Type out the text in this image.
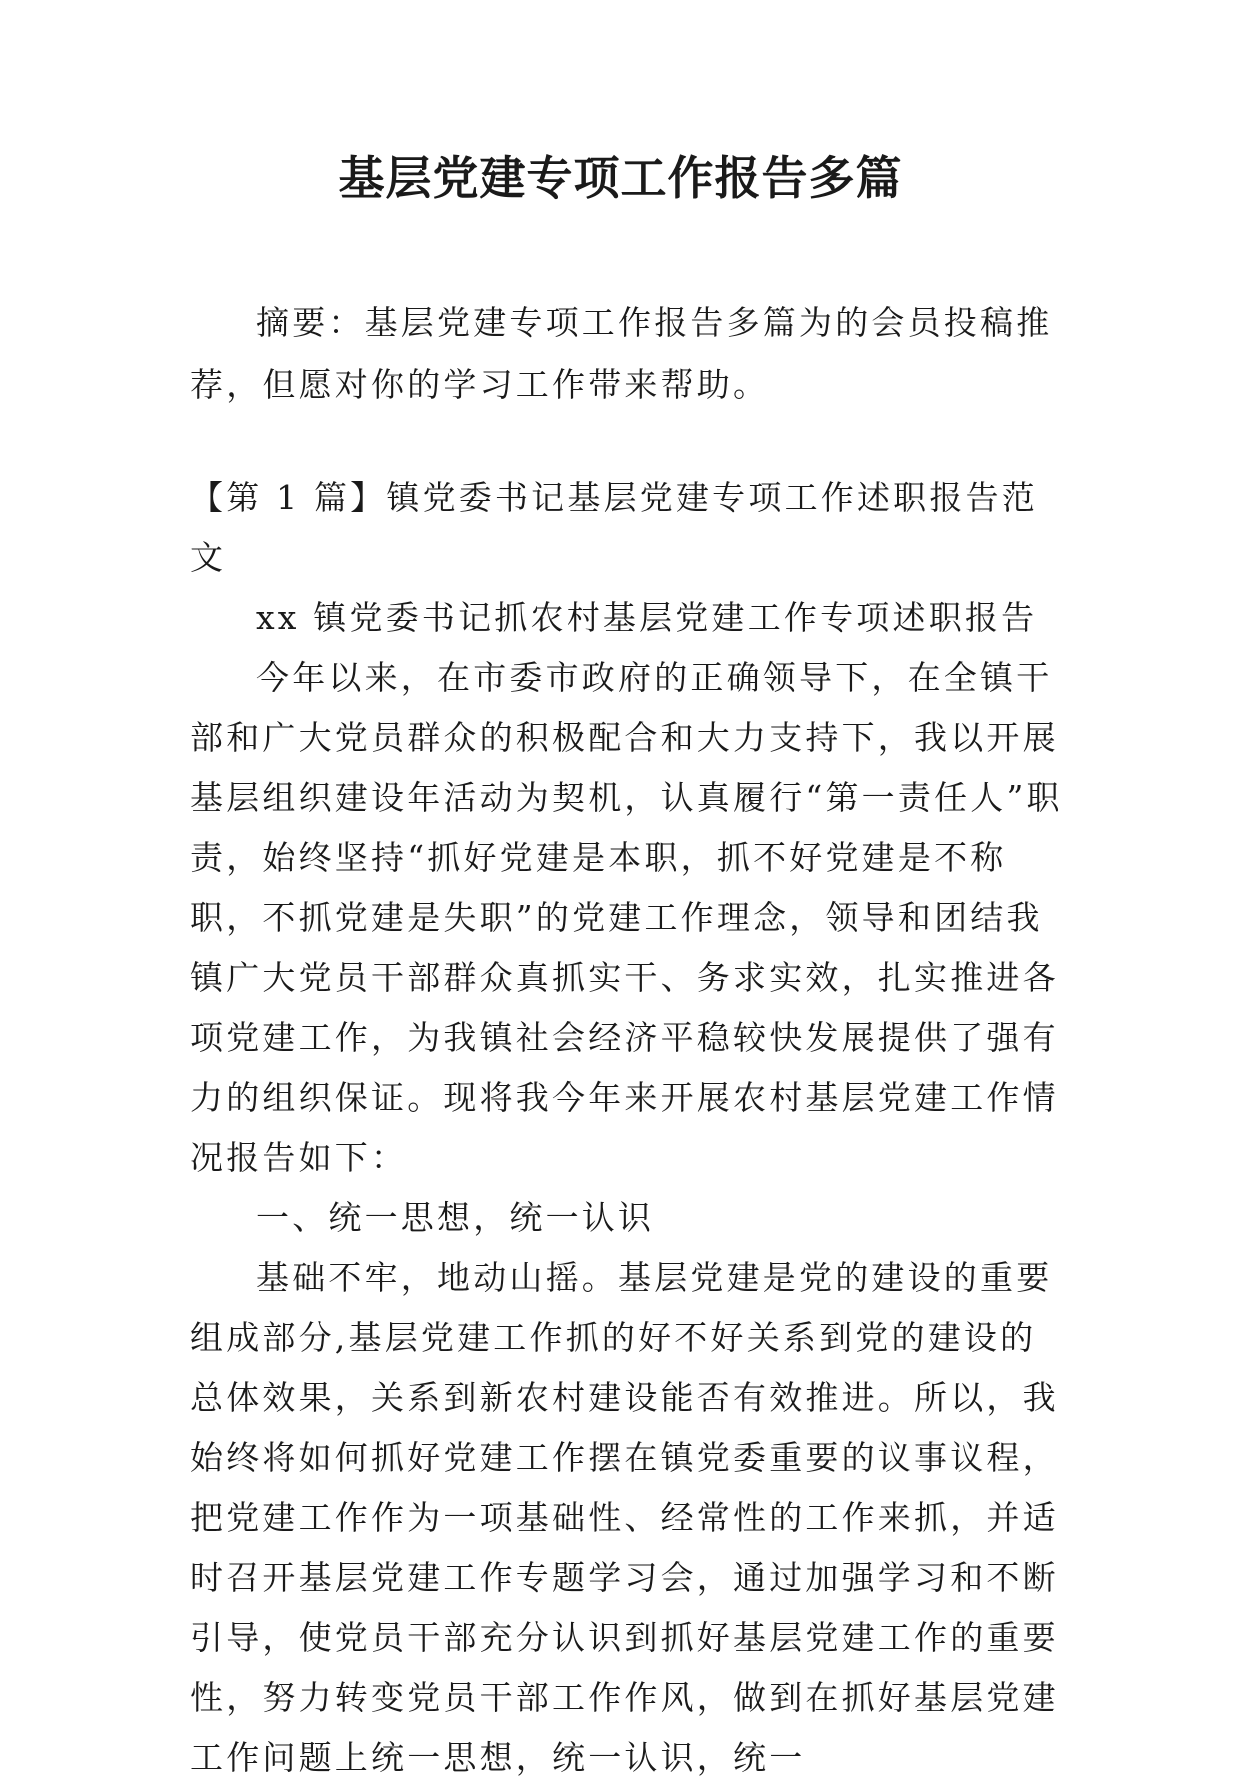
基层党建专项工作报告多篇
摘要：基层党建专项工作报告多篇为的会员投稿推荐，但愿对你的学习工作带来帮助。

【第 1 篇】镇党委书记基层党建专项工作述职报告范文

xx 镇党委书记抓农村基层党建工作专项述职报告

今年以来，在市委市政府的正确领导下，在全镇干部和广大党员群众的积极配合和大力支持下，我以开展基层组织建设年活动为契机，认真履行“第一责任人”职责，始终坚持“抓好党建是本职，抓不好党建是不称职，不抓党建是失职”的党建工作理念，领导和团结我镇广大党员干部群众真抓实干、务求实效，扎实推进各项党建工作，为我镇社会经济平稳较快发展提供了强有力的组织保证。现将我今年来开展农村基层党建工作情况报告如下：

一、统一思想，统一认识

基础不牢，地动山摇。基层党建是党的建设的重要组成部分,基层党建工作抓的好不好关系到党的建设的总体效果，关系到新农村建设能否有效推进。所以，我始终将如何抓好党建工作摆在镇党委重要的议事议程，把党建工作作为一项基础性、经常性的工作来抓，并适时召开基层党建工作专题学习会，通过加强学习和不断引导，使党员干部充分认识到抓好基层党建工作的重要性，努力转变党员干部工作作风，做到在抓好基层党建工作问题上统一思想，统一认识，统一
